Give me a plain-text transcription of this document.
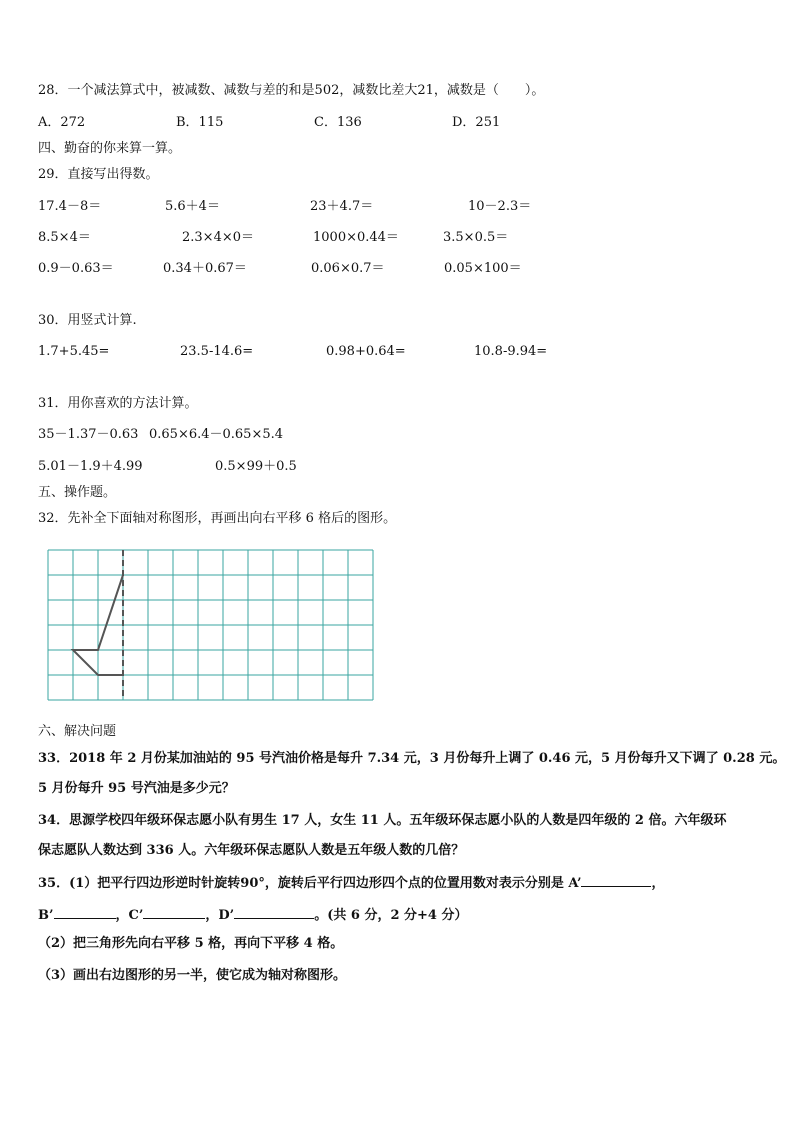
28．一个减法算式中，被减数、减数与差的和是502，减数比差大21，减数是（　　）。
A．272	B．115	C．136	D．251
四、勤奋的你来算一算。
29．直接写出得数。
17.4－8＝	5.6＋4＝	23＋4.7＝	10－2.3＝
8.5×4＝	2.3×4×0＝	1000×0.44＝	3.5×0.5＝
0.9－0.63＝	0.34＋0.67＝	0.06×0.7＝	0.05×100＝
30．用竖式计算.
1.7+5.45=	23.5-14.6=	0.98+0.64=	10.8-9.94=
31．用你喜欢的方法计算。
35－1.37－0.63 0.65×6.4－0.65×5.4
5.01－1.9＋4.99	0.5×99＋0.5
五、操作题。
32．先补全下面轴对称图形，再画出向右平移 6 格后的图形。
六、解决问题
33．2018 年 2 月份某加油站的 95 号汽油价格是每升 7.34 元，3 月份每升上调了 0.46 元，5 月份每升又下调了 0.28 元。
5 月份每升 95 号汽油是多少元？
34．思源学校四年级环保志愿小队有男生 17 人，女生 11 人。五年级环保志愿小队的人数是四年级的 2 倍。六年级环
保志愿队人数达到 336 人。六年级环保志愿队人数是五年级人数的几倍？
35．(1）把平行四边形逆时针旋转90°，旋转后平行四边形四个点的位置用数对表示分别是 A’	，
B’	，C’	，D’	。(共 6 分，2 分+4 分）
（2）把三角形先向右平移 5 格，再向下平移 4 格。
（3）画出右边图形的另一半，使它成为轴对称图形。
